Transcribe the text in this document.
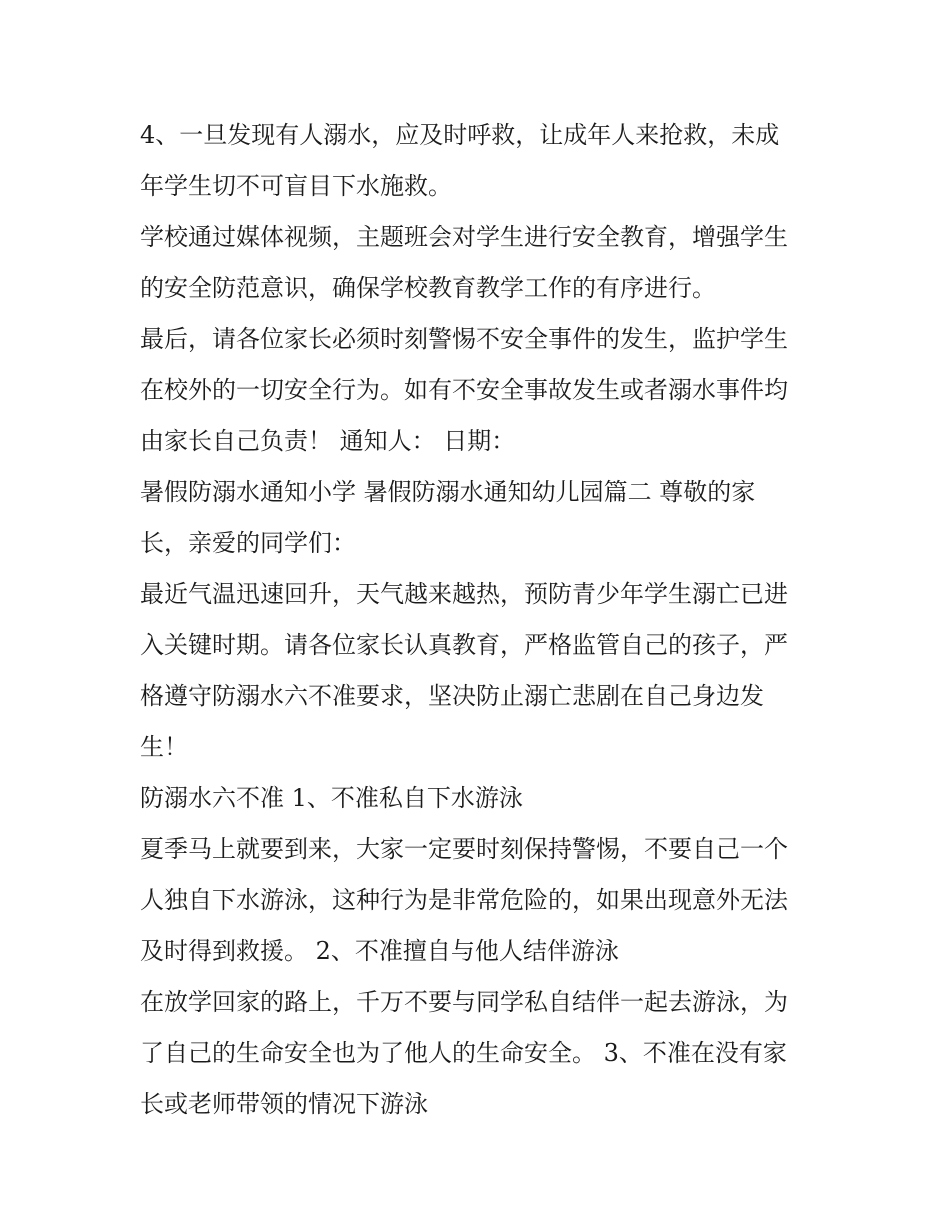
4、一旦发现有人溺水，应及时呼救，让成年人来抢救，未成
年学生切不可盲目下水施救。
学校通过媒体视频，主题班会对学生进行安全教育，增强学生
的安全防范意识，确保学校教育教学工作的有序进行。
最后，请各位家长必须时刻警惕不安全事件的发生，监护学生
在校外的一切安全行为。如有不安全事故发生或者溺水事件均
由家长自己负责！ 通知人： 日期：
暑假防溺水通知小学 暑假防溺水通知幼儿园篇二 尊敬的家
长，亲爱的同学们：
最近气温迅速回升，天气越来越热，预防青少年学生溺亡已进
入关键时期。请各位家长认真教育，严格监管自己的孩子，严
格遵守防溺水六不准要求，坚决防止溺亡悲剧在自己身边发
生！
防溺水六不准 1、不准私自下水游泳
夏季马上就要到来，大家一定要时刻保持警惕，不要自己一个
人独自下水游泳，这种行为是非常危险的，如果出现意外无法
及时得到救援。 2、不准擅自与他人结伴游泳
在放学回家的路上，千万不要与同学私自结伴一起去游泳，为
了自己的生命安全也为了他人的生命安全。 3、不准在没有家
长或老师带领的情况下游泳
